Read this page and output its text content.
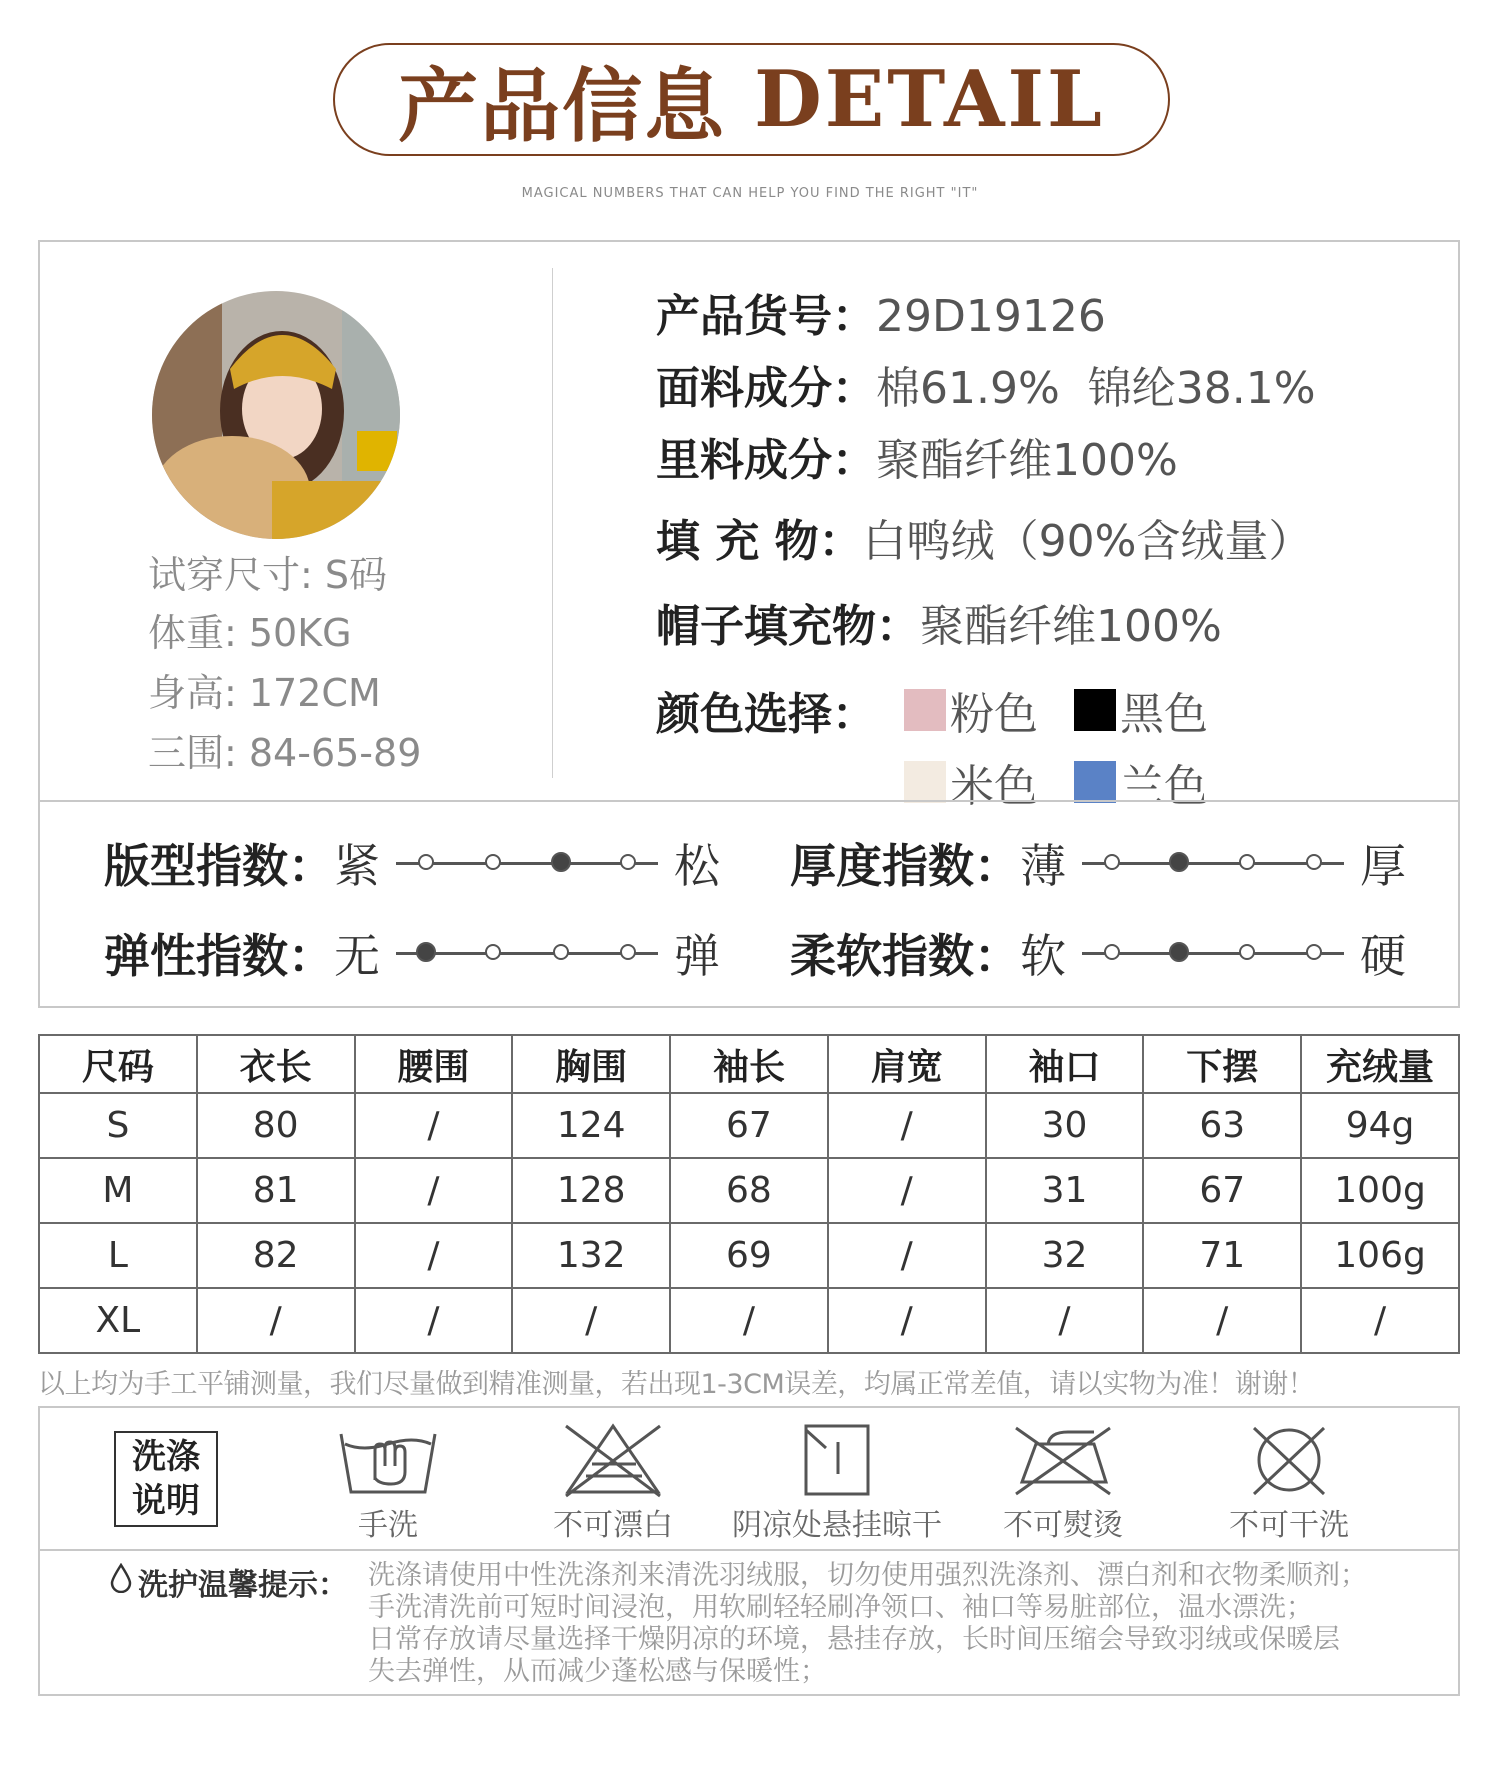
产品信息 DETAIL
MAGICAL NUMBERS THAT CAN HELP YOU FIND THE RIGHT "IT"
试穿尺寸: S码
体重: 50KG
身高: 172CM
三围: 84-65-89
产品货号：29D19126
面料成分：棉61.9%  锦纶38.1%
里料成分：聚酯纤维100%
填 充 物：白鸭绒（90%含绒量）
帽子填充物：聚酯纤维100%
颜色选择： 粉色 黑色
米色 兰色
版型指数： 紧	松 厚度指数： 薄	厚
弹性指数： 无	弹 柔软指数： 软	硬
尺码	衣长	腰围	胸围	袖长	肩宽	袖口	下摆	充绒量
S	80	/	124	67	/	30	63	94g
M	81	/	128	68	/	31	67	100g
L	82	/	132	69	/	32	71	106g
XL	/	/	/	/	/	/	/	/
以上均为手工平铺测量，我们尽量做到精准测量，若出现1-3CM误差，均属正常差值，请以实物为准！谢谢！
洗涤
说明
手洗	不可漂白 阴凉处悬挂晾干 不可熨烫	不可干洗
洗护温馨提示： 洗涤请使用中性洗涤剂来清洗羽绒服，切勿使用强烈洗涤剂、漂白剂和衣物柔顺剂；
手洗清洗前可短时间浸泡，用软刷轻轻刷净领口、袖口等易脏部位，温水漂洗；
日常存放请尽量选择干燥阴凉的环境，悬挂存放，长时间压缩会导致羽绒或保暖层
失去弹性，从而减少蓬松感与保暖性；
